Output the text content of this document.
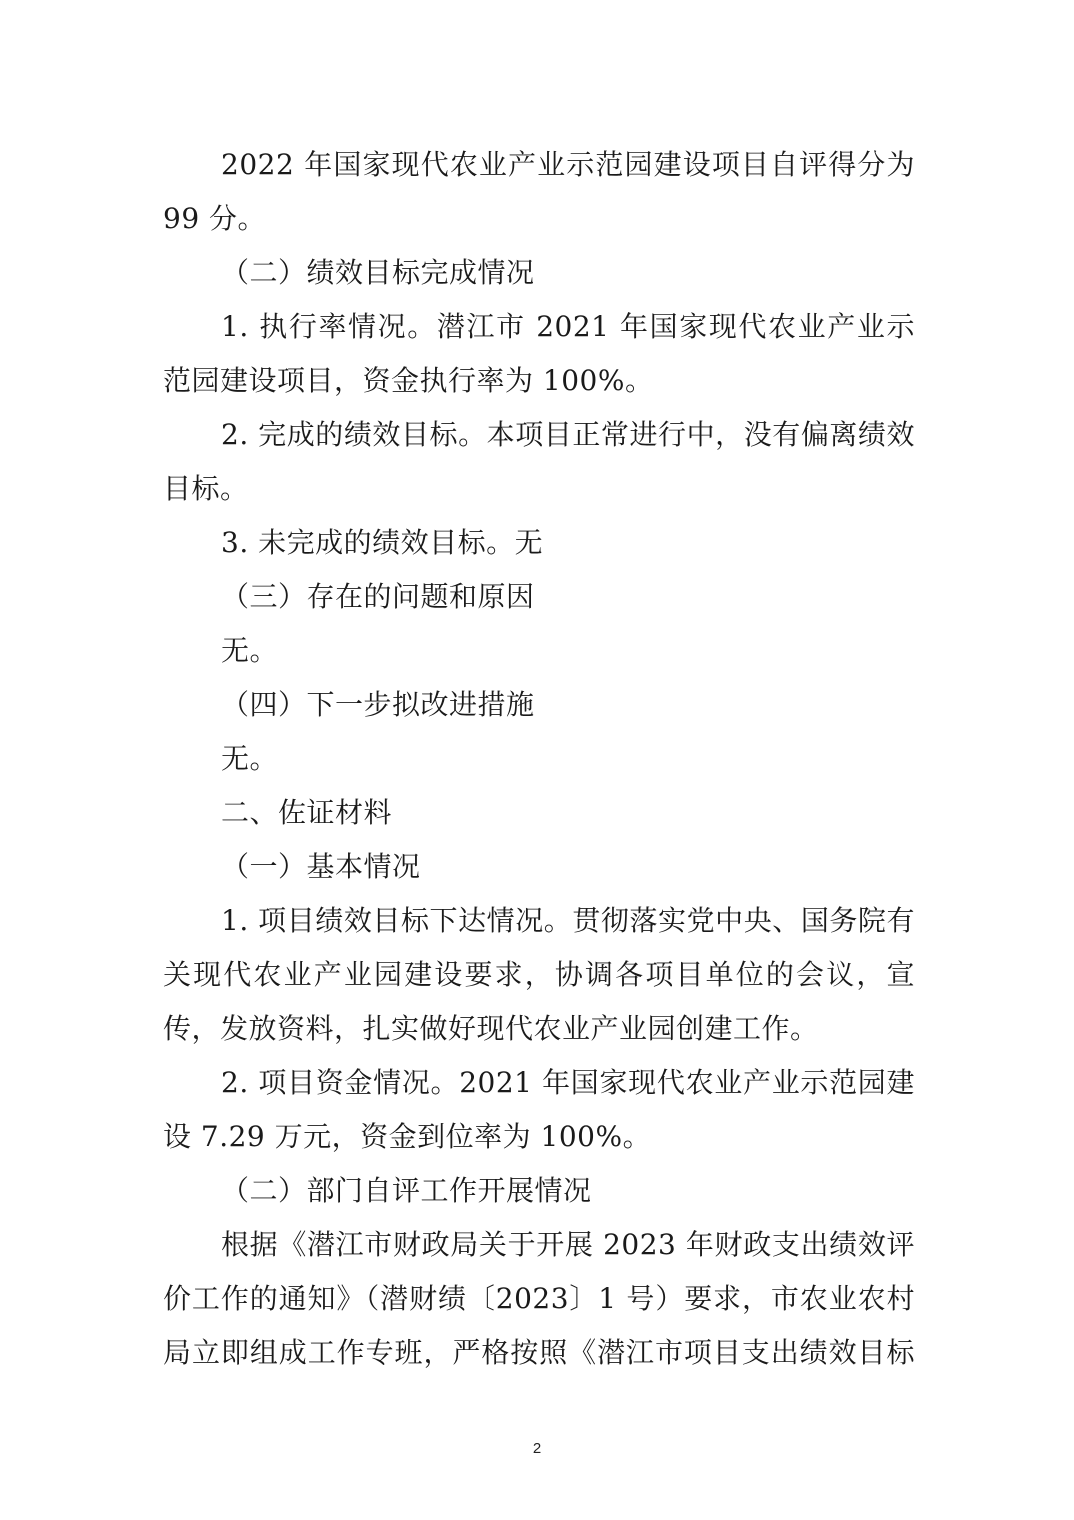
2022 年国家现代农业产业示范园建设项目自评得分为 99 分。

（二）绩效目标完成情况

1. 执行率情况。潜江市 2021 年国家现代农业产业示范园建设项目，资金执行率为 100%。

2. 完成的绩效目标。本项目正常进行中，没有偏离绩效目标。

3. 未完成的绩效目标。无

（三）存在的问题和原因

无。

（四）下一步拟改进措施

无。

二、佐证材料

（一）基本情况

1. 项目绩效目标下达情况。贯彻落实党中央、国务院有关现代农业产业园建设要求，协调各项目单位的会议，宣传，发放资料，扎实做好现代农业产业园创建工作。

2. 项目资金情况。2021 年国家现代农业产业示范园建设 7.29 万元，资金到位率为 100%。

（二）部门自评工作开展情况

根据《潜江市财政局关于开展 2023 年财政支出绩效评价工作的通知》（潜财绩〔2023〕1 号）要求，市农业农村局立即组成工作专班，严格按照《潜江市项目支出绩效目标

2
